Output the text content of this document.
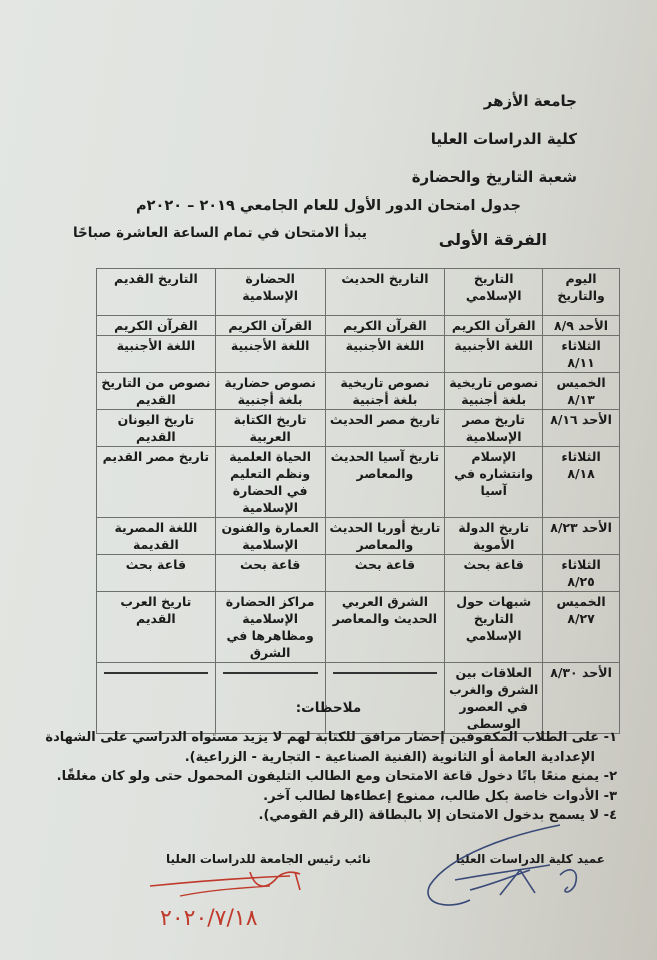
جامعة الأزهر
كلية الدراسات العليا
شعبة التاريخ والحضارة
جدول امتحان الدور الأول للعام الجامعي ٢٠١٩ – ٢٠٢٠م
الفرقة الأولى
يبدأ الامتحان في تمام الساعة العاشرة صباحًا
اليوم والتاريخ	التاريخ الإسلامي	التاريخ الحديث	الحضارة الإسلامية	التاريخ القديم
الأحد ٨/٩	القرآن الكريم	القرآن الكريم	القرآن الكريم	القرآن الكريم
الثلاثاء ٨/١١	اللغة الأجنبية	اللغة الأجنبية	اللغة الأجنبية	اللغة الأجنبية
الخميس ٨/١٣	نصوص تاريخية بلغة أجنبية	نصوص تاريخية بلغة أجنبية	نصوص حضارية بلغة أجنبية	نصوص من التاريخ القديم
الأحد ٨/١٦	تاريخ مصر الإسلامية	تاريخ مصر الحديث	تاريخ الكتابة العربية	تاريخ اليونان القديم
الثلاثاء ٨/١٨	الإسلام وانتشاره في آسيا	تاريخ آسيا الحديث والمعاصر	الحياة العلمية ونظم التعليم في الحضارة الإسلامية	تاريخ مصر القديم
الأحد ٨/٢٣	تاريخ الدولة الأموية	تاريخ أوربا الحديث والمعاصر	العمارة والفنون الإسلامية	اللغة المصرية القديمة
الثلاثاء ٨/٢٥	قاعة بحث	قاعة بحث	قاعة بحث	قاعة بحث
الخميس ٨/٢٧	شبهات حول التاريخ الإسلامي	الشرق العربي الحديث والمعاصر	مراكز الحضارة الإسلامية ومظاهرها في الشرق	تاريخ العرب القديم
الأحد ٨/٣٠	العلاقات بين الشرق والغرب في العصور الوسطى	

ملاحظات:

١- على الطلاب المكفوفين إحضار مرافق للكتابة لهم لا يزيد مستواه الدراسي على الشهادة

الإعدادية العامة أو الثانوية (الفنية الصناعية - التجارية - الزراعية).

٢- يمنع منعًا باتًا دخول قاعة الامتحان ومع الطالب التليفون المحمول حتى ولو كان مغلقًا.

٣- الأدوات خاصة بكل طالب، ممنوع إعطاءها لطالب آخر.

٤- لا يسمح بدخول الامتحان إلا بالبطاقة (الرقم القومي).

عميد كلية الدراسات العليا
نائب رئيس الجامعة للدراسات العليا
٢٠٢٠/٧/١٨
